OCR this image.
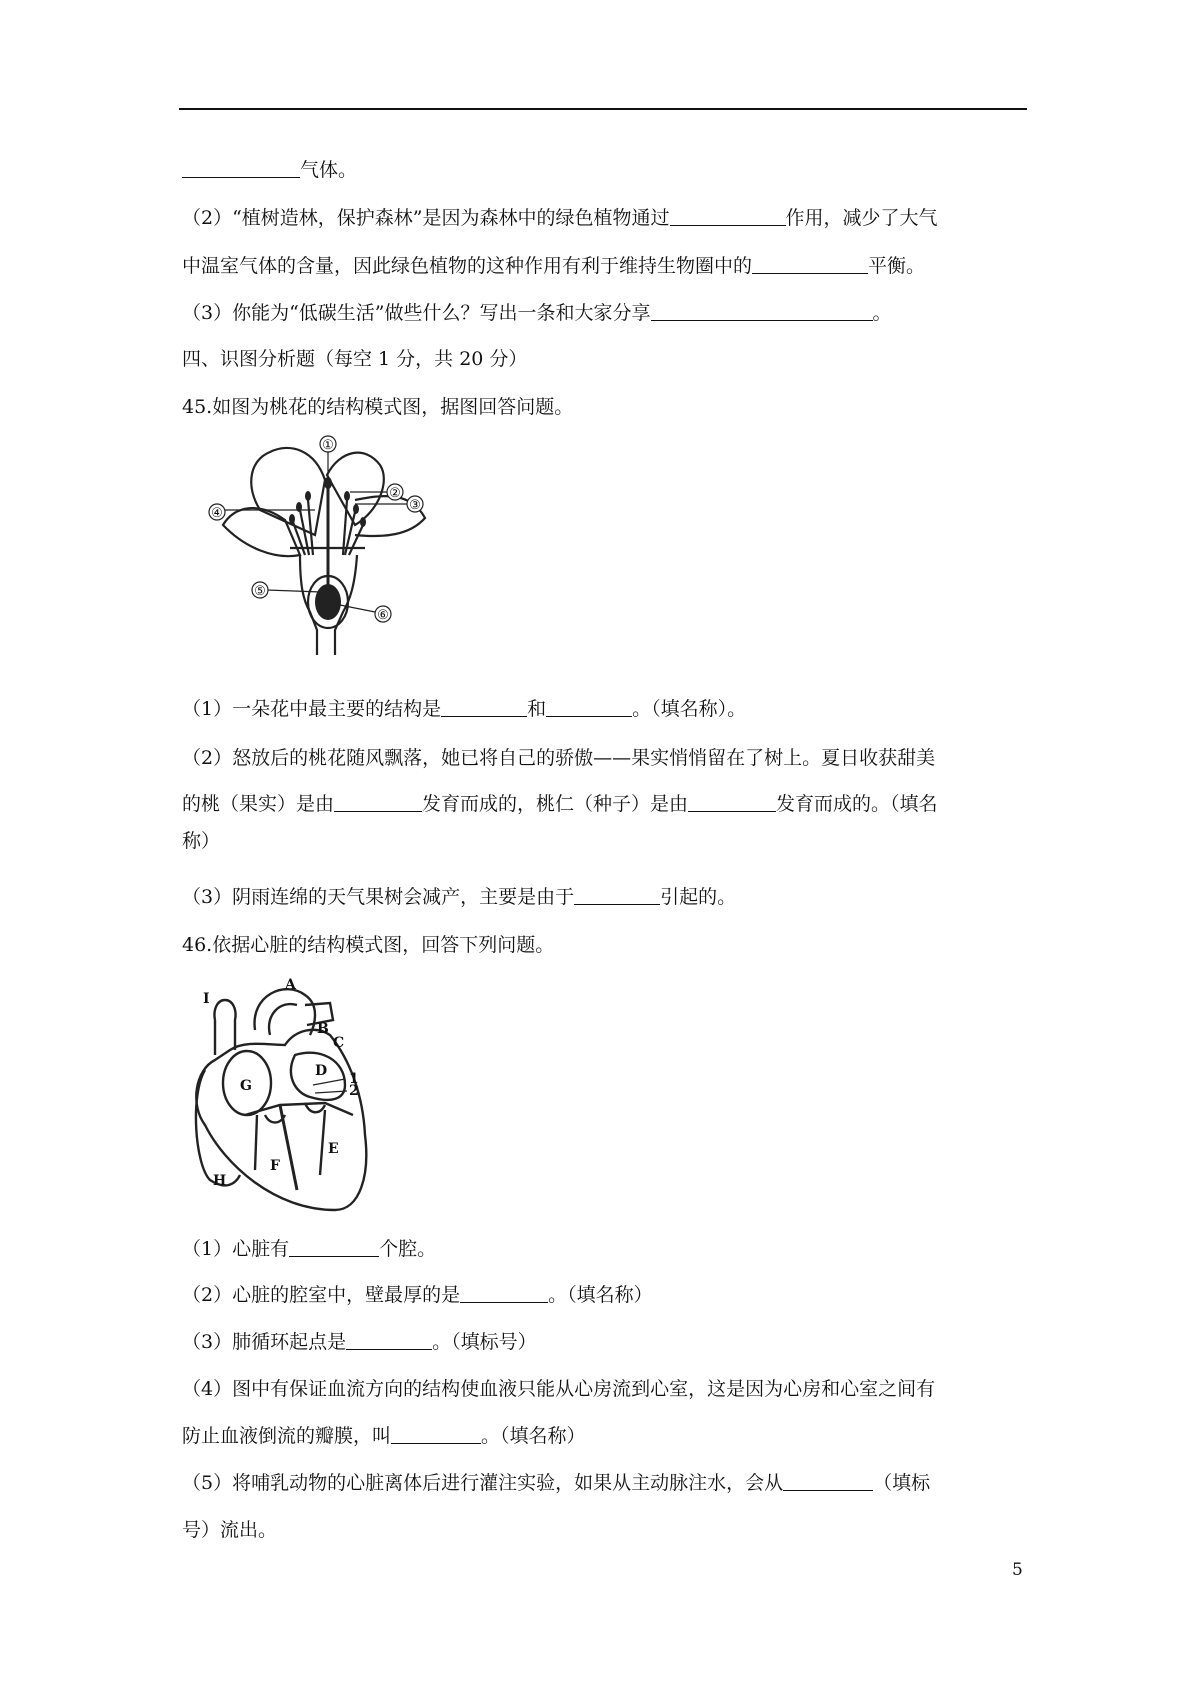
气体。
（2）“植树造林，保护森林”是因为森林中的绿色植物通过	作用，减少了大气
中温室气体的含量，因此绿色植物的这种作用有利于维持生物圈中的	平衡。
（3）你能为“低碳生活”做些什么？写出一条和大家分享	。
四、识图分析题（每空 1 分，共 20 分）
45.如图为桃花的结构模式图，据图回答问题。
①
②
③
④
⑤
⑥
（1）一朵花中最主要的结构是	和	。（填名称）。
（2）怒放后的桃花随风飘落，她已将自己的骄傲——果实悄悄留在了树上。夏日收获甜美
的桃（果实）是由	发育而成的，桃仁（种子）是由	发育而成的。（填名
称）
（3）阴雨连绵的天气果树会减产，主要是由于	引起的。
46.依据心脏的结构模式图，回答下列问题。
I
A
B
C
D 1
2
G
F
E
H
（1）心脏有	个腔。
（2）心脏的腔室中，壁最厚的是	。（填名称）
（3）肺循环起点是	。（填标号）
（4）图中有保证血流方向的结构使血液只能从心房流到心室，这是因为心房和心室之间有
防止血液倒流的瓣膜，叫	。（填名称）
（5）将哺乳动物的心脏离体后进行灌注实验，如果从主动脉注水，会从	（填标
号）流出。
5
